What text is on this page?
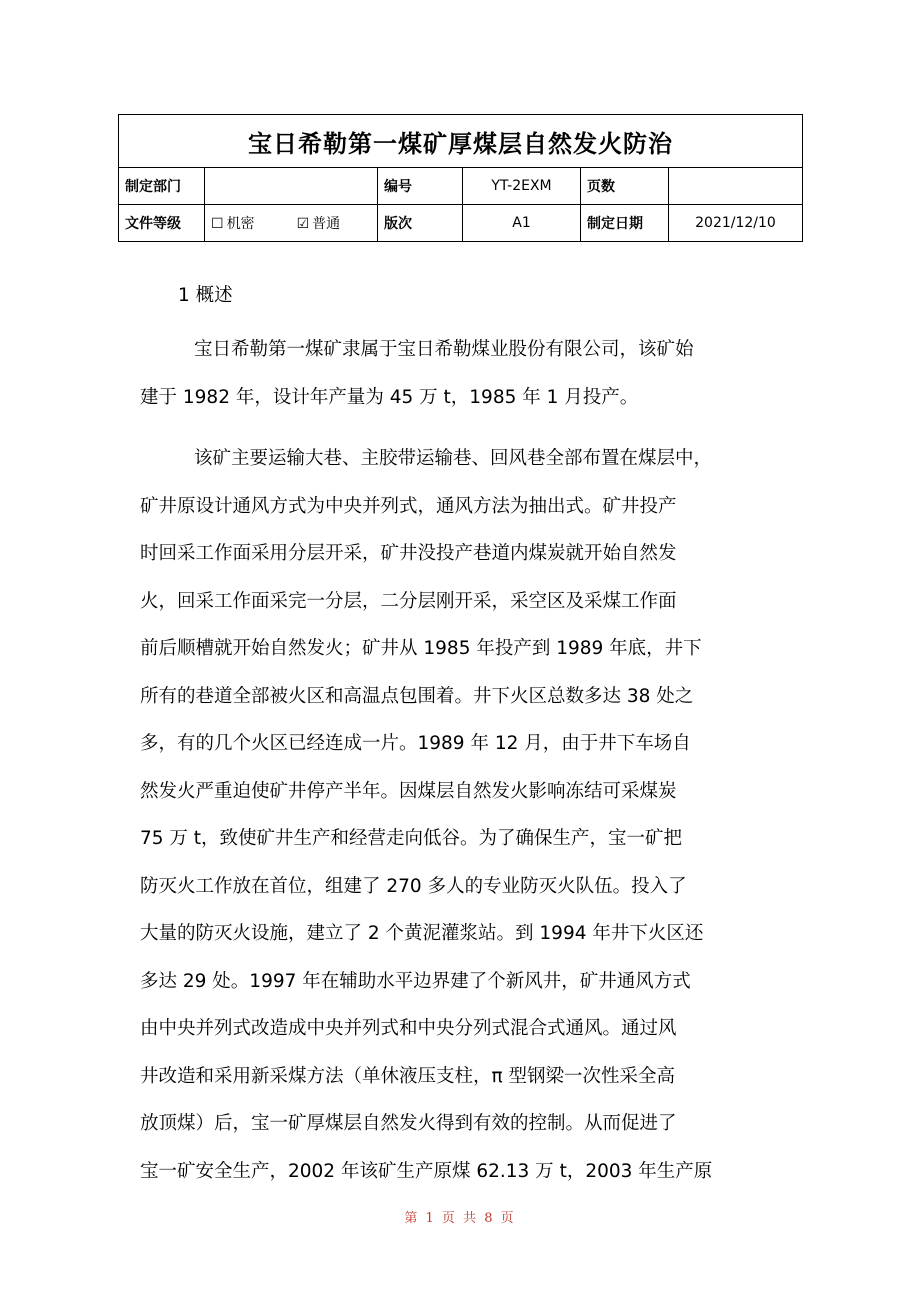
宝日希勒第一煤矿厚煤层自然发火防治					
制定部门		编号	YT-2EXM	页数	
文件等级	☐ 机密 ☑ 普通	版次	A1	制定日期	2021/12/10
1 概述
宝日希勒第一煤矿隶属于宝日希勒煤业股份有限公司，该矿始
建于 1982 年，设计年产量为 45 万 t，1985 年 1 月投产。
该矿主要运输大巷、主胶带运输巷、回风巷全部布置在煤层中，
矿井原设计通风方式为中央并列式，通风方法为抽出式。矿井投产
时回采工作面采用分层开采，矿井没投产巷道内煤炭就开始自然发
火，回采工作面采完一分层，二分层刚开采，采空区及采煤工作面
前后顺槽就开始自然发火；矿井从 1985 年投产到 1989 年底，井下
所有的巷道全部被火区和高温点包围着。井下火区总数多达 38 处之
多，有的几个火区已经连成一片。1989 年 12 月，由于井下车场自
然发火严重迫使矿井停产半年。因煤层自然发火影响冻结可采煤炭
75 万 t，致使矿井生产和经营走向低谷。为了确保生产，宝一矿把
防灭火工作放在首位，组建了 270 多人的专业防灭火队伍。投入了
大量的防灭火设施，建立了 2 个黄泥灌浆站。到 1994 年井下火区还
多达 29 处。1997 年在辅助水平边界建了个新风井，矿井通风方式
由中央并列式改造成中央并列式和中央分列式混合式通风。通过风
井改造和采用新采煤方法（单休液压支柱，π 型钢梁一次性采全高
放顶煤）后，宝一矿厚煤层自然发火得到有效的控制。从而促进了
宝一矿安全生产，2002 年该矿生产原煤 62.13 万 t，2003 年生产原
第 1 页 共 8 页
